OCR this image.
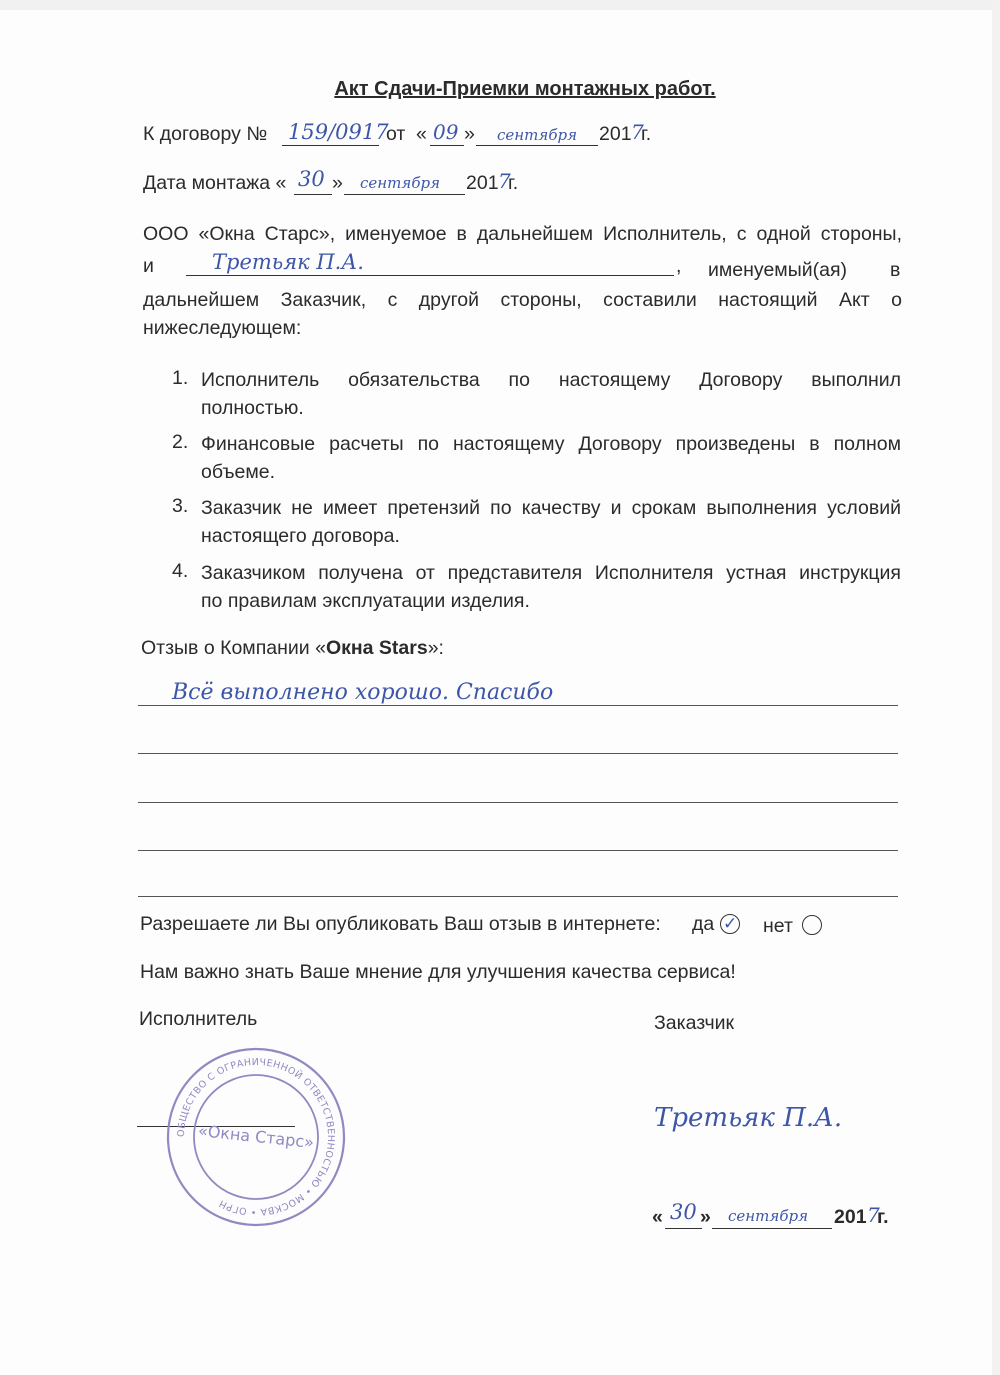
Акт Сдачи-Приемки монтажных работ.
К договору № 159/0917
от « 09 » сентября 201 7
г.
Дата монтажа « 30 » сентября 201 7
г.
ООО «Окна Старс», именуемое в дальнейшем Исполнитель, с одной стороны,
и	Третьяк П.А.	, именуемый(ая) в
дальнейшем Заказчик, с другой стороны, составили настоящий Акт о
нижеследующем:
1. Исполнитель обязательства по настоящему Договору выполнил
полностью.
2. Финансовые расчеты по настоящему Договору произведены в полном
объеме.
3. Заказчик не имеет претензий по качеству и срокам выполнения условий
настоящего договора.
4. Заказчиком получена от представителя Исполнителя устная инструкция
по правилам эксплуатации изделия.
Отзыв о Компании «Окна Stars»:
Всё выполнено хорошо. Спасибо
Разрешаете ли Вы опубликовать Ваш отзыв в интернете: да ✓ нет
Нам важно знать Ваше мнение для улучшения качества сервиса!
Исполнитель	Заказчик
ОБЩЕСТВО С ОГРАНИЧЕННОЙ ОТВЕТСТВЕННОСТЬЮ • МОСКВА • ОГРН
«Окна Старс»
Третьяк П.А.
« 30 » сентября 201 7
г.
